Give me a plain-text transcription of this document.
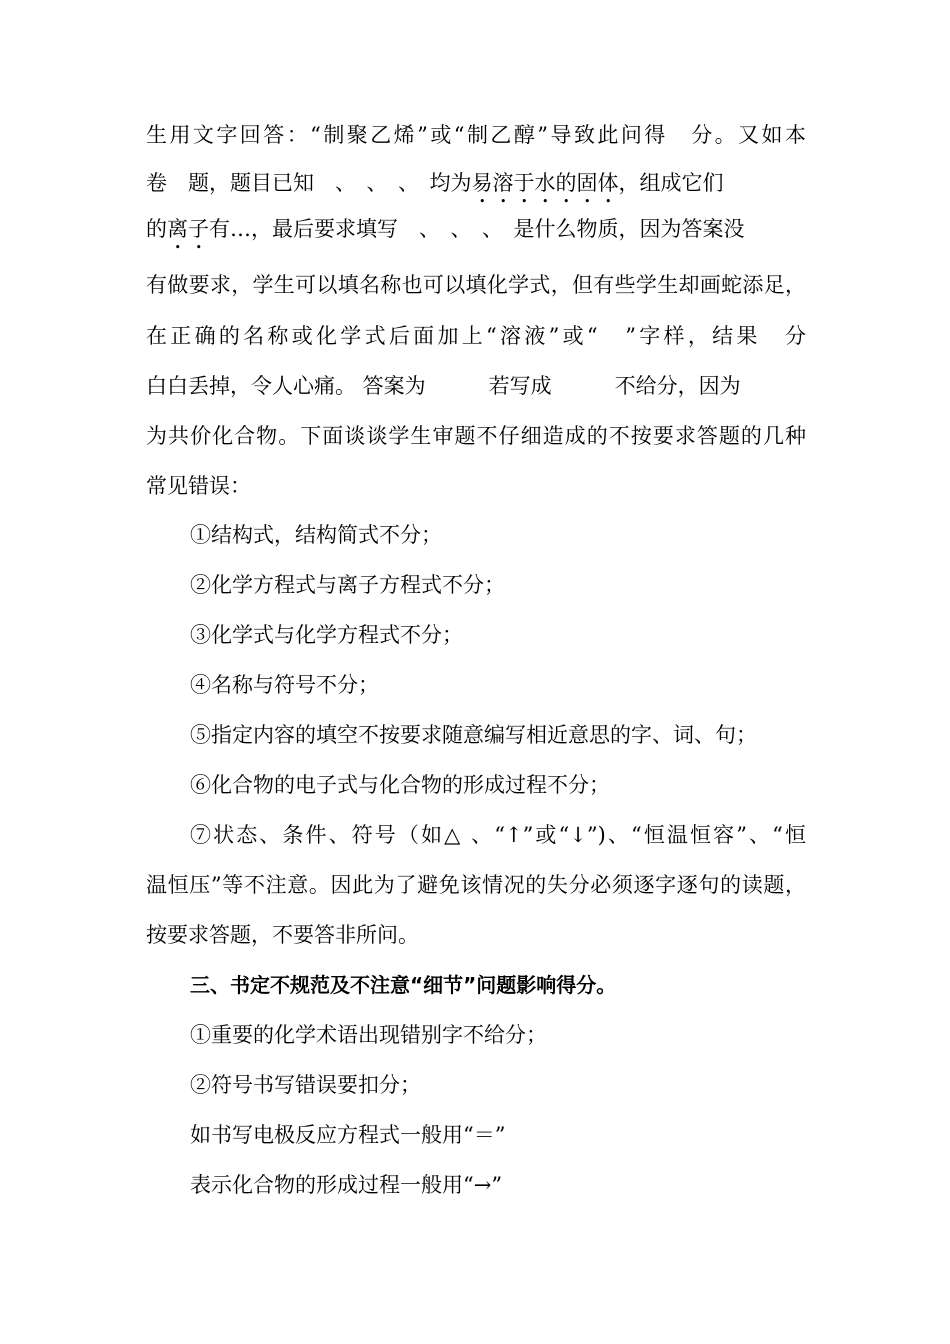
生用文字回答：“制聚乙烯”或“制乙醇”导致此问得　分。又如本
卷　题，题目已知　、　、　、　均为易溶于水的固体，组成它们
的离子有…，最后要求填写　、　、　、　是什么物质，因为答案没
有做要求，学生可以填名称也可以填化学式，但有些学生却画蛇添足，
在正确的名称或化学式后面加上“溶液”或“　”字样，结果　分
白白丢掉，令人心痛。 答案为　　　若写成　　　不给分，因为
为共价化合物。下面谈谈学生审题不仔细造成的不按要求答题的几种
常见错误：
①结构式，结构简式不分；
②化学方程式与离子方程式不分；
③化学式与化学方程式不分；
④名称与符号不分；
⑤指定内容的填空不按要求随意编写相近意思的字、词、句；
⑥化合物的电子式与化合物的形成过程不分；
⑦状态、条件、符号（如△ 、“↑”或“↓”)、“恒温恒容”、“恒
温恒压”等不注意。因此为了避免该情况的失分必须逐字逐句的读题，
按要求答题，不要答非所问。
三、书定不规范及不注意“细节”问题影响得分。
①重要的化学术语出现错别字不给分；
②符号书写错误要扣分；
如书写电极反应方程式一般用“＝”
表示化合物的形成过程一般用“→”
